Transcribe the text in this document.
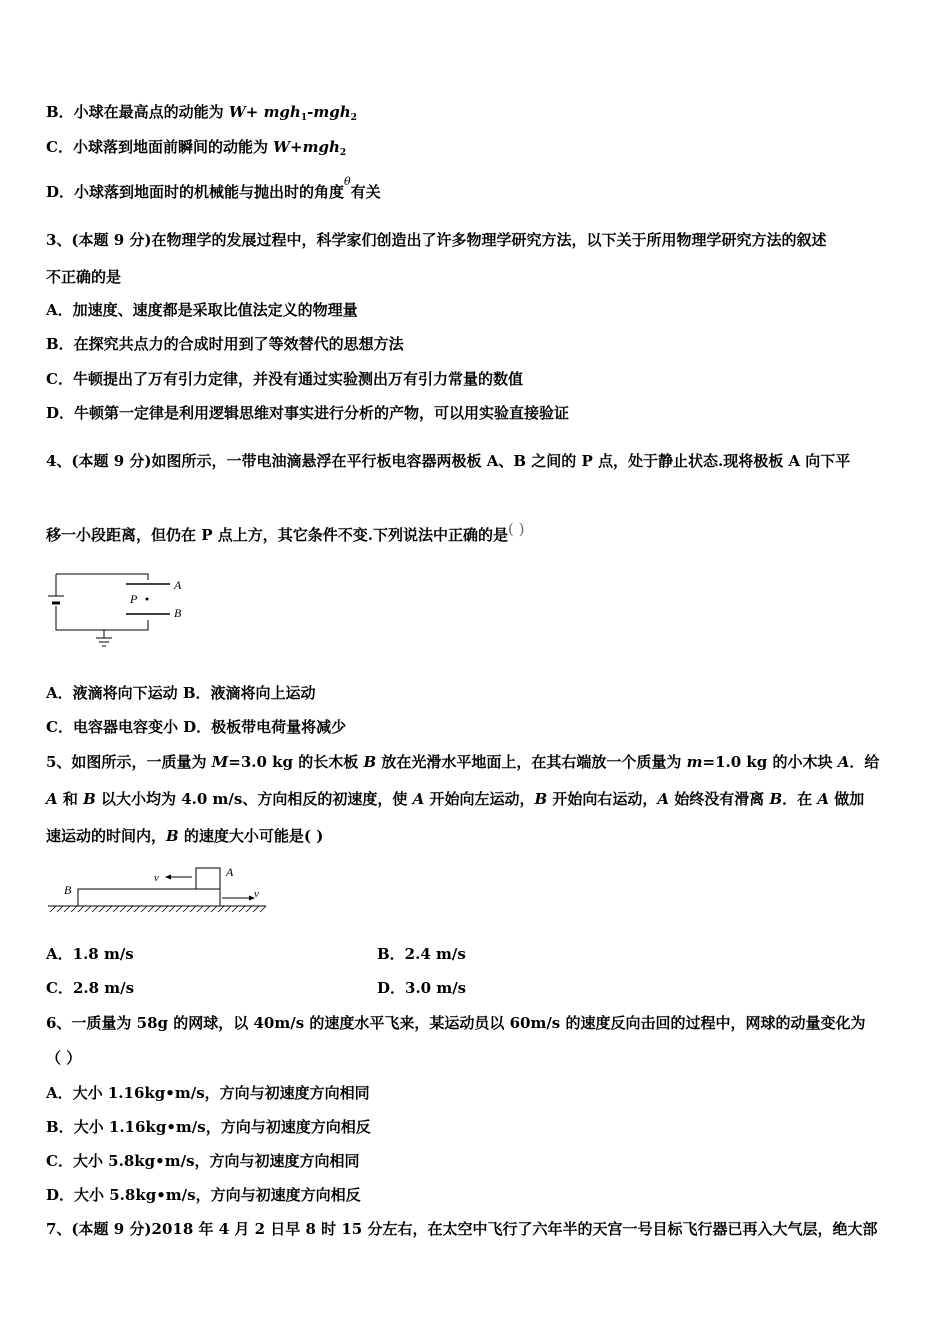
B．小球在最高点的动能为 W+ mgh$_1$-mgh$_2$
C．小球落到地面前瞬间的动能为 W+mgh$_2$
D．小球落到地面时的机械能与抛出时的角度$^\theta$有关
3、(本题 9 分)在物理学的发展过程中，科学家们创造出了许多物理学研究方法，以下关于所用物理学研究方法的叙述
不正确的是
A．加速度、速度都是采取比值法定义的物理量
B．在探究共点力的合成时用到了等效替代的思想方法
C．牛顿提出了万有引力定律，并没有通过实验测出万有引力常量的数值
D．牛顿第一定律是利用逻辑思维对事实进行分析的产物，可以用实验直接验证
4、(本题 9 分)如图所示，一带电油滴悬浮在平行板电容器两极板 A、B 之间的 P 点，处于静止状态.现将极板 A 向下平
移一小段距离，但仍在 P 点上方，其它条件不变.下列说法中正确的是( )
A
B
P
A．液滴将向下运动 B．液滴将向上运动
C．电容器电容变小 D．极板带电荷量将减少
5、如图所示，一质量为 M=3.0 kg 的长木板 B 放在光滑水平地面上，在其右端放一个质量为 m=1.0 kg 的小木块 A．给
A 和 B 以大小均为 4.0 m/s、方向相反的初速度，使 A 开始向左运动，B 开始向右运动，A 始终没有滑离 B．在 A 做加
速运动的时间内，B 的速度大小可能是( )
B
A
v
v
A．1.8 m/s	B．2.4 m/s
C．2.8 m/s	D．3.0 m/s
6、一质量为 58g 的网球，以 40m/s 的速度水平飞来，某运动员以 60m/s 的速度反向击回的过程中，网球的动量变化为
（ ）
A．大小 1.16kg•m/s，方向与初速度方向相同
B．大小 1.16kg•m/s，方向与初速度方向相反
C．大小 5.8kg•m/s，方向与初速度方向相同
D．大小 5.8kg•m/s，方向与初速度方向相反
7、(本题 9 分)2018 年 4 月 2 日早 8 时 15 分左右，在太空中飞行了六年半的天宫一号目标飞行器已再入大气层，绝大部
